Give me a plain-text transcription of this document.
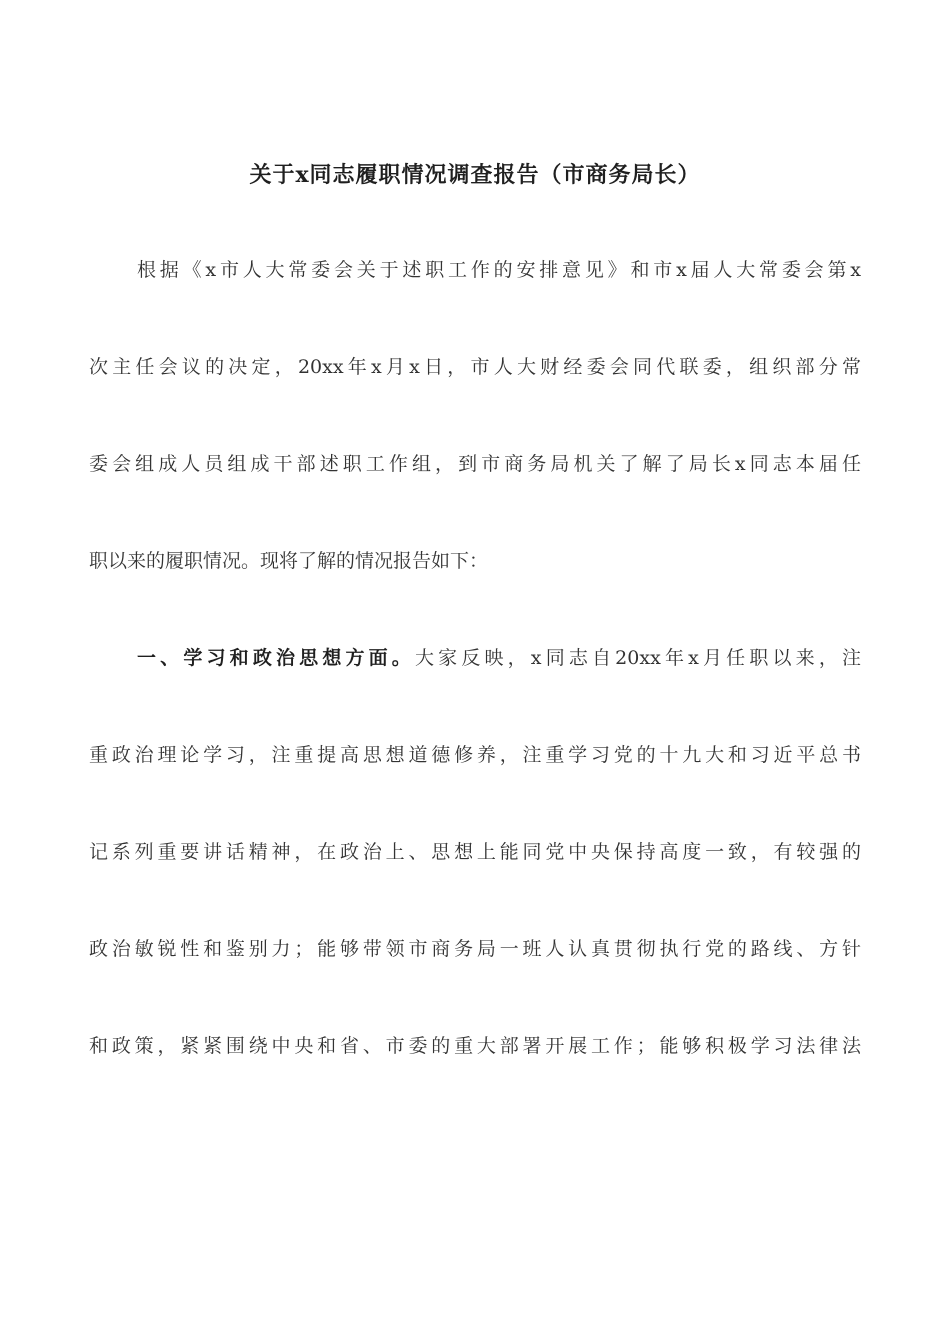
关于x同志履职情况调查报告（市商务局长）
根据《x市人大常委会关于述职工作的安排意见》和市x届人大常委会第x
次主任会议的决定，20xx年x月x日，市人大财经委会同代联委，组织部分常
委会组成人员组成干部述职工作组，到市商务局机关了解了局长x同志本届任
职以来的履职情况。现将了解的情况报告如下：
一、学习和政治思想方面。大家反映，x同志自20xx年x月任职以来，注
重政治理论学习，注重提高思想道德修养，注重学习党的十九大和习近平总书
记系列重要讲话精神，在政治上、思想上能同党中央保持高度一致，有较强的
政治敏锐性和鉴别力；能够带领市商务局一班人认真贯彻执行党的路线、方针
和政策，紧紧围绕中央和省、市委的重大部署开展工作；能够积极学习法律法
